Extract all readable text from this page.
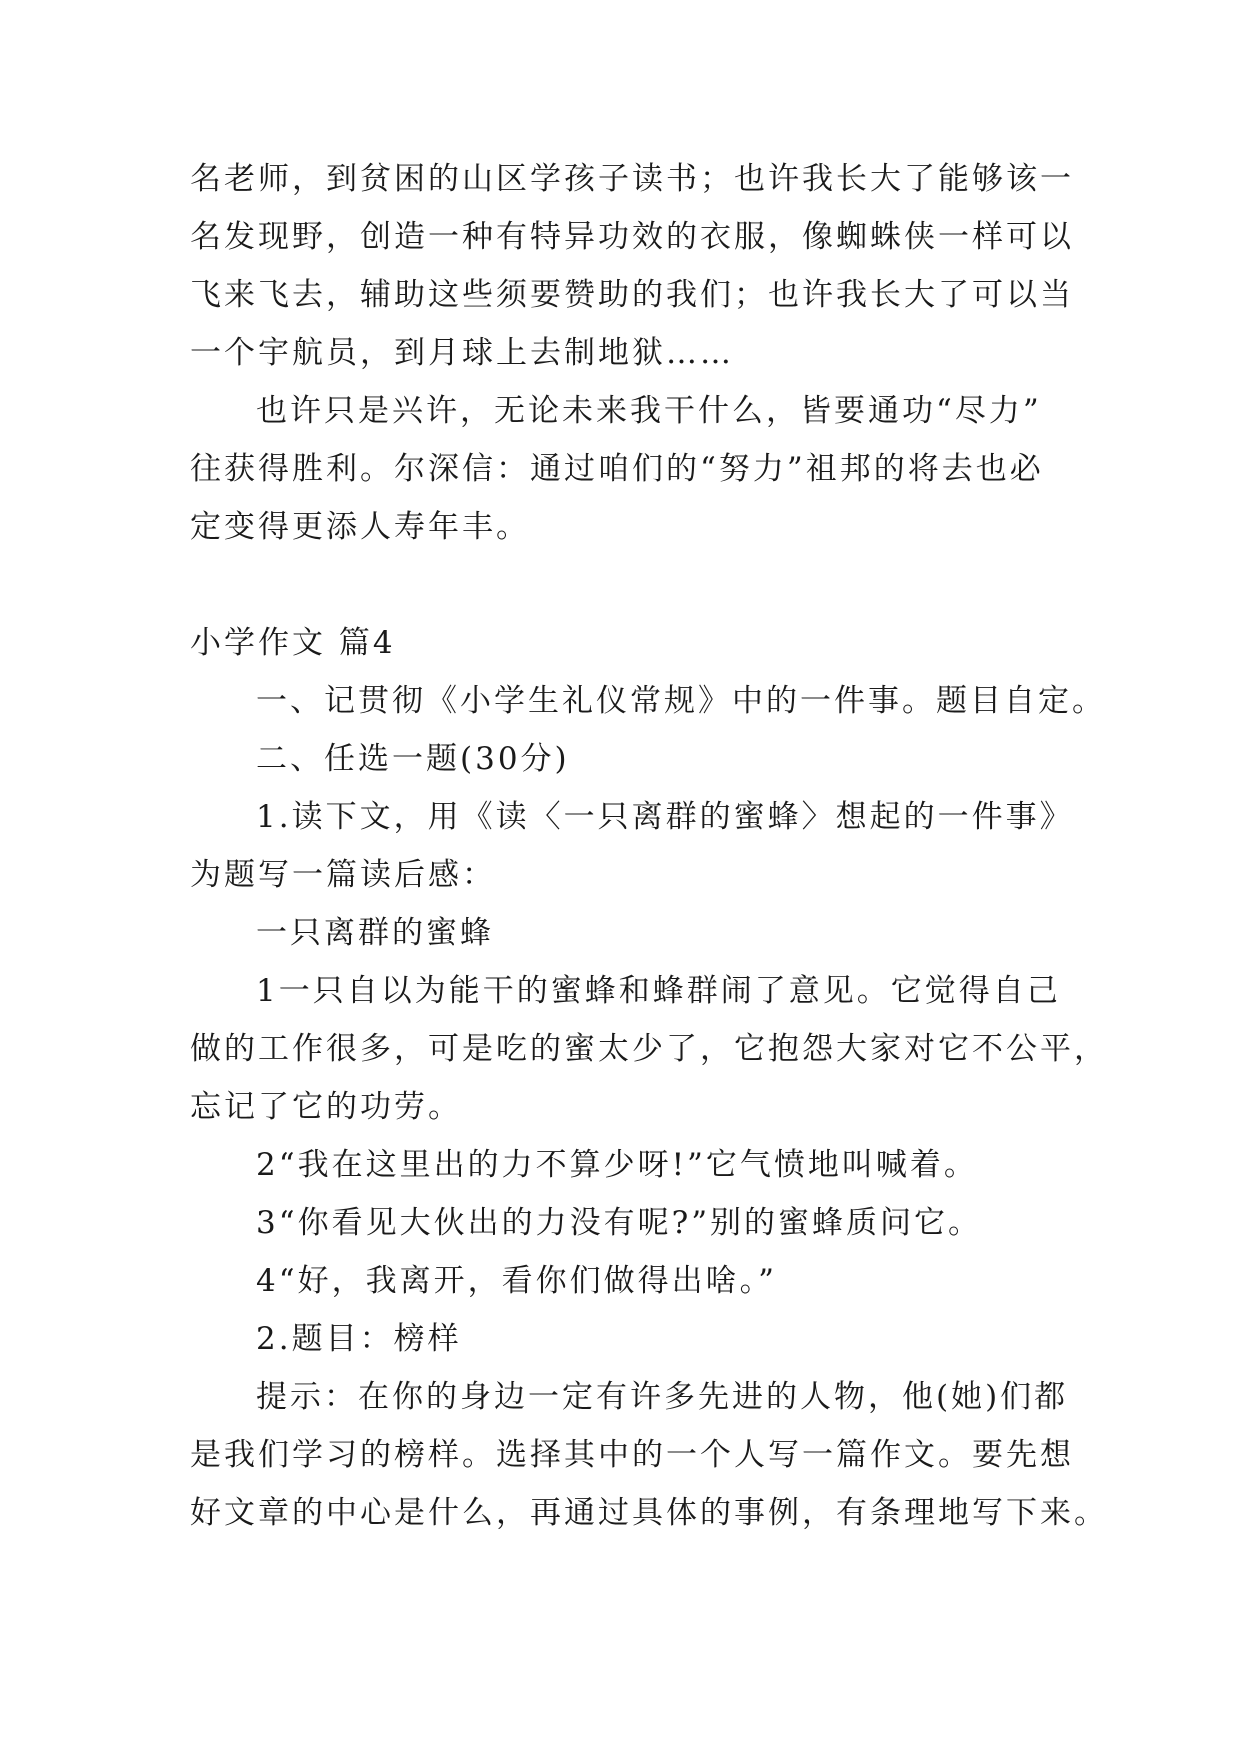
名老师，到贫困的山区学孩子读书；也许我长大了能够该一
名发现野，创造一种有特异功效的衣服，像蜘蛛侠一样可以
飞来飞去，辅助这些须要赞助的我们；也许我长大了可以当
一个宇航员，到月球上去制地狱……
也许只是兴许，无论未来我干什么，皆要通功“尽力”
往获得胜利。尔深信：通过咱们的“努力”祖邦的将去也必
定变得更添人寿年丰。
小学作文 篇4
一、记贯彻《小学生礼仪常规》中的一件事。题目自定。
二、任选一题(30分)
1.读下文，用《读〈一只离群的蜜蜂〉想起的一件事》
为题写一篇读后感：
一只离群的蜜蜂
1一只自以为能干的蜜蜂和蜂群闹了意见。它觉得自己
做的工作很多，可是吃的蜜太少了，它抱怨大家对它不公平，
忘记了它的功劳。
2“我在这里出的力不算少呀!”它气愤地叫喊着。
3“你看见大伙出的力没有呢?”别的蜜蜂质问它。
4“好，我离开，看你们做得出啥。”
2.题目：榜样
提示：在你的身边一定有许多先进的人物，他(她)们都
是我们学习的榜样。选择其中的一个人写一篇作文。要先想
好文章的中心是什么，再通过具体的事例，有条理地写下来。
